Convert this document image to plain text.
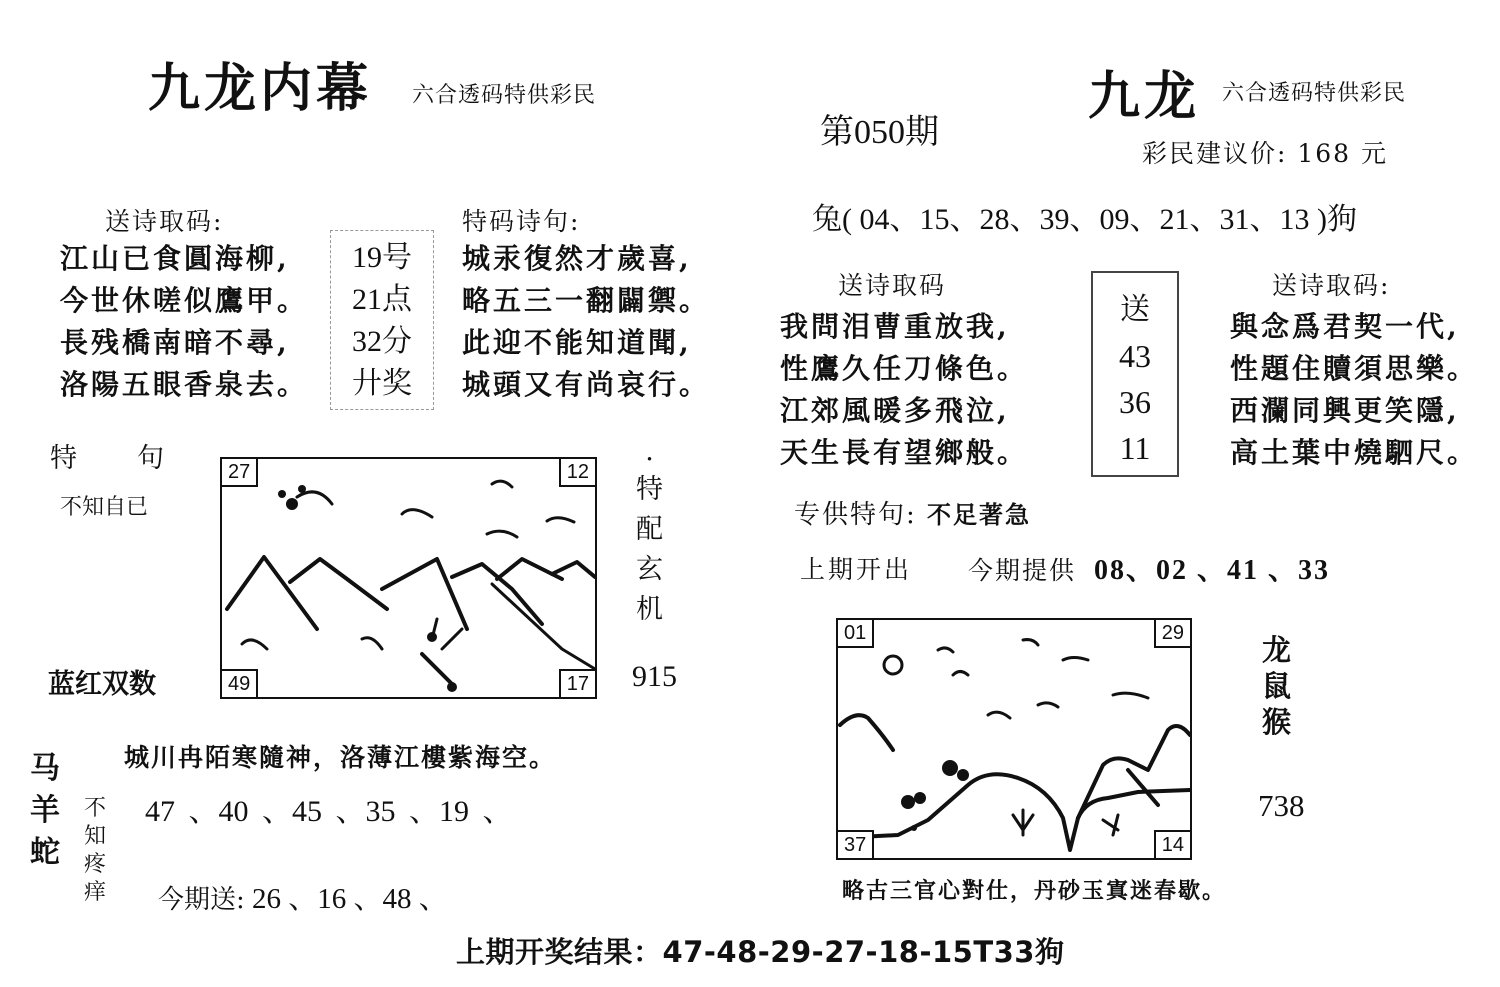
九龙内幕 六合透码特供彩民
送诗取码:
江山已食圓海柳,
今世休嗟似鷹甲。
長残橋南暗不尋,
洛陽五眼香泉去。
19号
21点
32分
廾奖
特码诗句:
城汞復然才歲喜,
略五三一翻闢禦。
此迎不能知道聞,
城頭又有尚哀行。
特　　句
不知自已
蓝红双数
27	12
49	17
·
特
配
玄
机
915
马
羊
蛇
不
知
疼
痒
城川冉陌寒隨神，洛薄江樓紫海空。
47 、40 、45 、35 、19 、
今期送: 26 、16 、48 、
第050期
九龙 六合透码特供彩民
彩民建议价: 168 元
兔( 04、15、28、39、09、21、31、13 )狗
送诗取码
我問泪曹重放我,
性鷹久任刀條色。
江郊風暖多飛泣,
天生長有望鄉般。
送
43
36
11
送诗取码:
與念爲君契一代,
性題住贖須思樂。
西瀾同興更笑隱,
高土葉中燒駟尺。
专供特句: 不足著急
上期开出 今期提供 08、02 、41 、33
01	29
37	14
龙
鼠
猴
738
略古三官心對仕，丹砂玉寘迷春歇。
上期开奖结果：47-48-29-27-18-15T33狗
